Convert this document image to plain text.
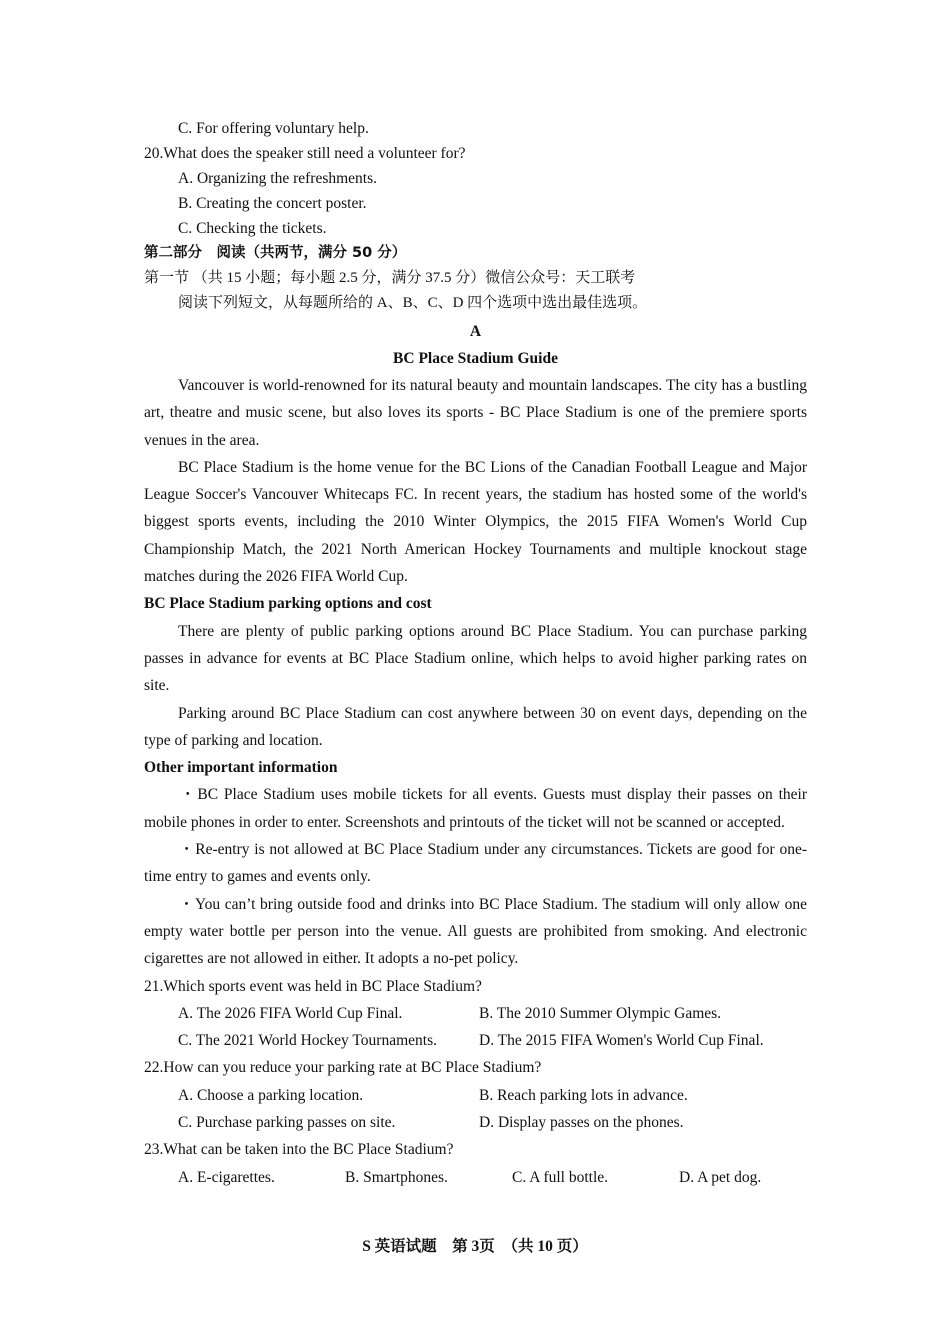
C. For offering voluntary help.
20.What does the speaker still need a volunteer for?
A. Organizing the refreshments.
B. Creating the concert poster.
C. Checking the tickets.
第二部分　阅读（共两节，满分 50 分）
第一节 （共 15 小题；每小题 2.5 分，满分 37.5 分）微信公众号：天工联考
阅读下列短文，从每题所给的 A、B、C、D 四个选项中选出最佳选项。
A
BC Place Stadium Guide
Vancouver is world-renowned for its natural beauty and mountain landscapes. The city has a bustling art, theatre and music scene, but also loves its sports - BC Place Stadium is one of the premiere sports venues in the area.
BC Place Stadium is the home venue for the BC Lions of the Canadian Football League and Major League Soccer's Vancouver Whitecaps FC. In recent years, the stadium has hosted some of the world's biggest sports events, including the 2010 Winter Olympics, the 2015 FIFA Women's World Cup Championship Match, the 2021 North American Hockey Tournaments and multiple knockout stage matches during the 2026 FIFA World Cup.
BC Place Stadium parking options and cost
There are plenty of public parking options around BC Place Stadium. You can purchase parking passes in advance for events at BC Place Stadium online, which helps to avoid higher parking rates on site.
Parking around BC Place Stadium can cost anywhere between 30 on event days, depending on the type of parking and location.
Other important information
・BC Place Stadium uses mobile tickets for all events. Guests must display their passes on their mobile phones in order to enter. Screenshots and printouts of the ticket will not be scanned or accepted.
・Re-entry is not allowed at BC Place Stadium under any circumstances. Tickets are good for one-time entry to games and events only.
・You can’t bring outside food and drinks into BC Place Stadium. The stadium will only allow one empty water bottle per person into the venue. All guests are prohibited from smoking. And electronic cigarettes are not allowed in either. It adopts a no-pet policy.
21.Which sports event was held in BC Place Stadium?
A. The 2026 FIFA World Cup Final.	B. The 2010 Summer Olympic Games.
C. The 2021 World Hockey Tournaments.	D. The 2015 FIFA Women's World Cup Final.
22.How can you reduce your parking rate at BC Place Stadium?
A. Choose a parking location.	B. Reach parking lots in advance.
C. Purchase parking passes on site.	D. Display passes on the phones.
23.What can be taken into the BC Place Stadium?
A. E-cigarettes.	B. Smartphones.	C. A full bottle.	D. A pet dog.
S 英语试题　第 3页　（共 10 页）
